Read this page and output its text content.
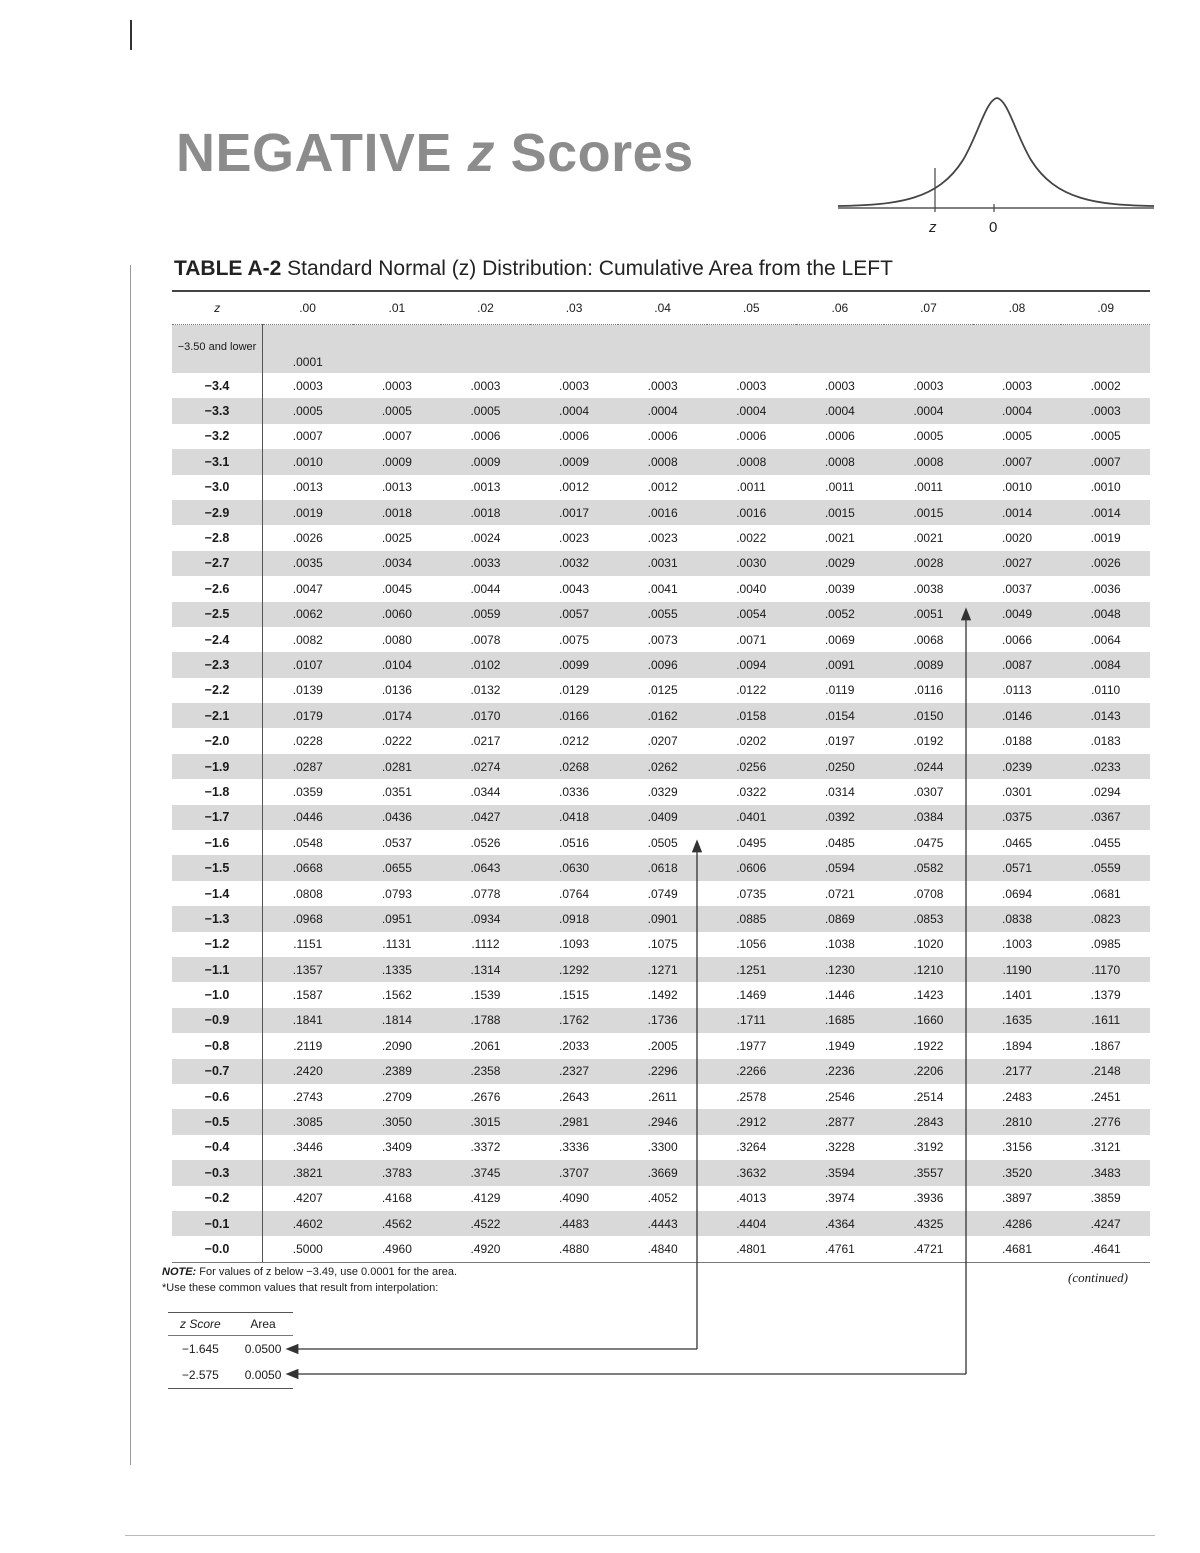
NEGATIVE z Scores
z	0
TABLE A-2 Standard Normal (z) Distribution: Cumulative Area from the LEFT
z	.00	.01	.02	.03	.04	.05	.06	.07	.08	.09
−3.50 and lower	.0001									
−3.4	.0003	.0003	.0003	.0003	.0003	.0003	.0003	.0003	.0003	.0002
−3.3	.0005	.0005	.0005	.0004	.0004	.0004	.0004	.0004	.0004	.0003
−3.2	.0007	.0007	.0006	.0006	.0006	.0006	.0006	.0005	.0005	.0005
−3.1	.0010	.0009	.0009	.0009	.0008	.0008	.0008	.0008	.0007	.0007
−3.0	.0013	.0013	.0013	.0012	.0012	.0011	.0011	.0011	.0010	.0010
−2.9	.0019	.0018	.0018	.0017	.0016	.0016	.0015	.0015	.0014	.0014
−2.8	.0026	.0025	.0024	.0023	.0023	.0022	.0021	.0021	.0020	.0019
−2.7	.0035	.0034	.0033	.0032	.0031	.0030	.0029	.0028	.0027	.0026
−2.6	.0047	.0045	.0044	.0043	.0041	.0040	.0039	.0038	.0037	.0036
−2.5	.0062	.0060	.0059	.0057	.0055	.0054	.0052	.0051	.0049	.0048
−2.4	.0082	.0080	.0078	.0075	.0073	.0071	.0069	.0068	.0066	.0064
−2.3	.0107	.0104	.0102	.0099	.0096	.0094	.0091	.0089	.0087	.0084
−2.2	.0139	.0136	.0132	.0129	.0125	.0122	.0119	.0116	.0113	.0110
−2.1	.0179	.0174	.0170	.0166	.0162	.0158	.0154	.0150	.0146	.0143
−2.0	.0228	.0222	.0217	.0212	.0207	.0202	.0197	.0192	.0188	.0183
−1.9	.0287	.0281	.0274	.0268	.0262	.0256	.0250	.0244	.0239	.0233
−1.8	.0359	.0351	.0344	.0336	.0329	.0322	.0314	.0307	.0301	.0294
−1.7	.0446	.0436	.0427	.0418	.0409	.0401	.0392	.0384	.0375	.0367
−1.6	.0548	.0537	.0526	.0516	.0505	.0495	.0485	.0475	.0465	.0455
−1.5	.0668	.0655	.0643	.0630	.0618	.0606	.0594	.0582	.0571	.0559
−1.4	.0808	.0793	.0778	.0764	.0749	.0735	.0721	.0708	.0694	.0681
−1.3	.0968	.0951	.0934	.0918	.0901	.0885	.0869	.0853	.0838	.0823
−1.2	.1151	.1131	.1112	.1093	.1075	.1056	.1038	.1020	.1003	.0985
−1.1	.1357	.1335	.1314	.1292	.1271	.1251	.1230	.1210	.1190	.1170
−1.0	.1587	.1562	.1539	.1515	.1492	.1469	.1446	.1423	.1401	.1379
−0.9	.1841	.1814	.1788	.1762	.1736	.1711	.1685	.1660	.1635	.1611
−0.8	.2119	.2090	.2061	.2033	.2005	.1977	.1949	.1922	.1894	.1867
−0.7	.2420	.2389	.2358	.2327	.2296	.2266	.2236	.2206	.2177	.2148
−0.6	.2743	.2709	.2676	.2643	.2611	.2578	.2546	.2514	.2483	.2451
−0.5	.3085	.3050	.3015	.2981	.2946	.2912	.2877	.2843	.2810	.2776
−0.4	.3446	.3409	.3372	.3336	.3300	.3264	.3228	.3192	.3156	.3121
−0.3	.3821	.3783	.3745	.3707	.3669	.3632	.3594	.3557	.3520	.3483
−0.2	.4207	.4168	.4129	.4090	.4052	.4013	.3974	.3936	.3897	.3859
−0.1	.4602	.4562	.4522	.4483	.4443	.4404	.4364	.4325	.4286	.4247
−0.0	.5000	.4960	.4920	.4880	.4840	.4801	.4761	.4721	.4681	.4641
NOTE: For values of z below −3.49, use 0.0001 for the area.
*Use these common values that result from interpolation:
(continued)
z Score	Area
−1.645	0.0500
−2.575	0.0050
